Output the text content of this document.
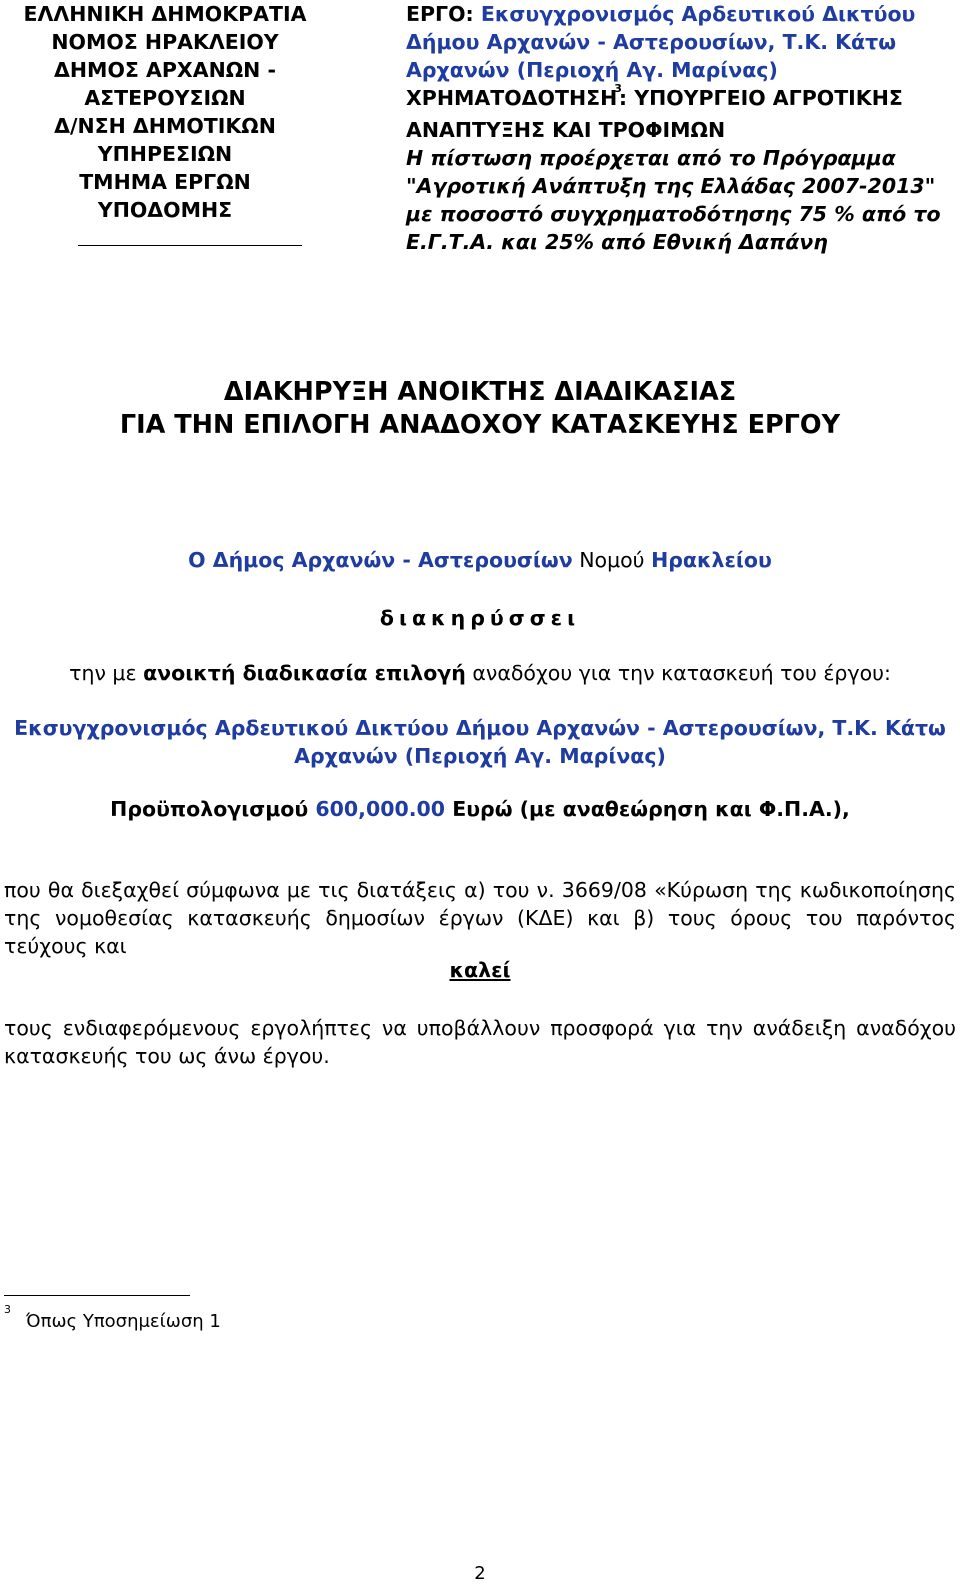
ΕΛΛΗΝΙΚΗ ΔΗΜΟΚΡΑΤΙΑ
ΝΟΜΟΣ ΗΡΑΚΛΕΙΟΥ
ΔΗΜΟΣ ΑΡΧΑΝΩΝ -
ΑΣΤΕΡΟΥΣΙΩΝ
Δ/ΝΣΗ ΔΗΜΟΤΙΚΩΝ
ΥΠΗΡΕΣΙΩΝ
ΤΜΗΜΑ ΕΡΓΩΝ
ΥΠΟΔΟΜΗΣ
ΕΡΓΟ: Εκσυγχρονισμός Αρδευτικού Δικτύου
Δήμου Αρχανών - Αστερουσίων, Τ.Κ. Κάτω
Αρχανών (Περιοχή Αγ. Μαρίνας)
ΧΡΗΜΑΤΟΔΟΤΗΣΗ$^3$: ΥΠΟΥΡΓΕΙΟ ΑΓΡΟΤΙΚΗΣ
ΑΝΑΠΤΥΞΗΣ ΚΑΙ ΤΡΟΦΙΜΩΝ
Η πίστωση προέρχεται από το Πρόγραμμα
"Αγροτική Ανάπτυξη της Ελλάδας 2007-2013"
με ποσοστό συγχρηματοδότησης 75 % από το
Ε.Γ.Τ.Α. και 25% από Εθνική Δαπάνη
ΔΙΑΚΗΡΥΞΗ ΑΝΟΙΚΤΗΣ ΔΙΑΔΙΚΑΣΙΑΣ
ΓΙΑ ΤΗΝ ΕΠΙΛΟΓΗ ΑΝΑΔΟΧΟΥ ΚΑΤΑΣΚΕΥΗΣ ΕΡΓΟΥ
Ο Δήμος Αρχανών - Αστερουσίων Νομού Ηρακλείου
διακηρύσσει
την με ανοικτή διαδικασία επιλογή αναδόχου για την κατασκευή του έργου:
Εκσυγχρονισμός Αρδευτικού Δικτύου Δήμου Αρχανών - Αστερουσίων, Τ.Κ. Κάτω
Αρχανών (Περιοχή Αγ. Μαρίνας)
Προϋπολογισμού 600,000.00 Ευρώ (με αναθεώρηση και Φ.Π.Α.),
που θα διεξαχθεί σύμφωνα με τις διατάξεις α) του ν. 3669/08 «Κύρωση της κωδικοποίησης
της νομοθεσίας κατασκευής δημοσίων έργων (ΚΔΕ) και β) τους όρους του παρόντος
τεύχους και
καλεί
τους ενδιαφερόμενους εργολήπτες να υποβάλλουν προσφορά για την ανάδειξη αναδόχου
κατασκευής του ως άνω έργου.
3
Όπως Υποσημείωση 1
2
